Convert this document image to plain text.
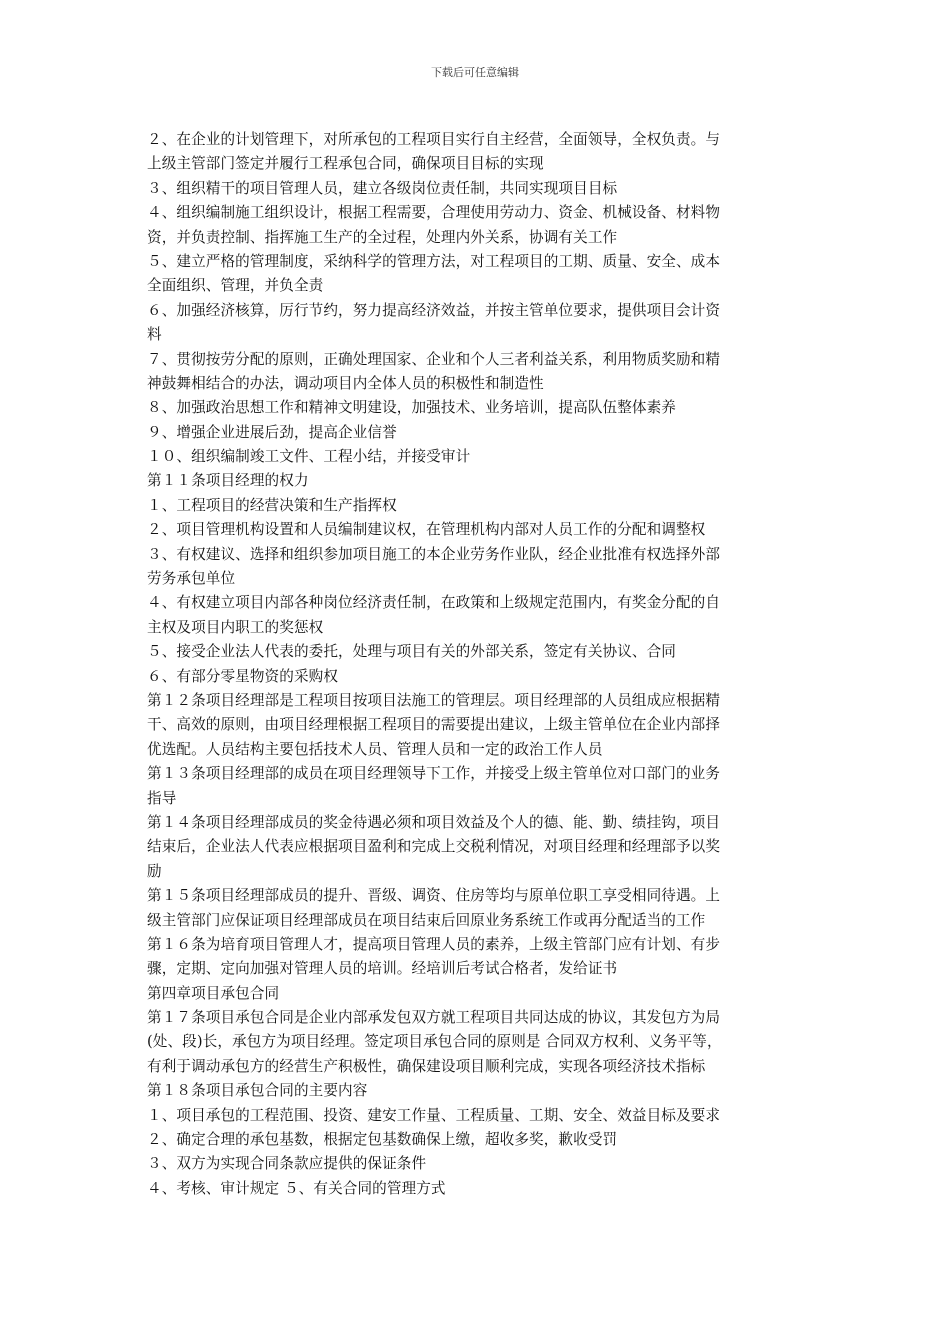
下载后可任意编辑
２、在企业的计划管理下，对所承包的工程项目实行自主经营，全面领导，全权负责。与
上级主管部门签定并履行工程承包合同，确保项目目标的实现
３、组织精干的项目管理人员，建立各级岗位责任制，共同实现项目目标
４、组织编制施工组织设计，根据工程需要，合理使用劳动力、资金、机械设备、材料物
资，并负责控制、指挥施工生产的全过程，处理内外关系，协调有关工作
５、建立严格的管理制度，采纳科学的管理方法，对工程项目的工期、质量、安全、成本
全面组织、管理，并负全责
６、加强经济核算，厉行节约，努力提高经济效益，并按主管单位要求，提供项目会计资
料
７、贯彻按劳分配的原则，正确处理国家、企业和个人三者利益关系，利用物质奖励和精
神鼓舞相结合的办法，调动项目内全体人员的积极性和制造性
８、加强政治思想工作和精神文明建设，加强技术、业务培训，提高队伍整体素养
９、增强企业进展后劲，提高企业信誉
１０、组织编制竣工文件、工程小结，并接受审计
第１１条项目经理的权力
１、工程项目的经营决策和生产指挥权
２、项目管理机构设置和人员编制建议权，在管理机构内部对人员工作的分配和调整权
３、有权建议、选择和组织参加项目施工的本企业劳务作业队，经企业批准有权选择外部
劳务承包单位
４、有权建立项目内部各种岗位经济责任制，在政策和上级规定范围内，有奖金分配的自
主权及项目内职工的奖惩权
５、接受企业法人代表的委托，处理与项目有关的外部关系，签定有关协议、合同
６、有部分零星物资的采购权
第１２条项目经理部是工程项目按项目法施工的管理层。项目经理部的人员组成应根据精
干、高效的原则，由项目经理根据工程项目的需要提出建议，上级主管单位在企业内部择
优选配。人员结构主要包括技术人员、管理人员和一定的政治工作人员
第１３条项目经理部的成员在项目经理领导下工作，并接受上级主管单位对口部门的业务
指导
第１４条项目经理部成员的奖金待遇必须和项目效益及个人的德、能、勤、绩挂钩，项目
结束后，企业法人代表应根据项目盈利和完成上交税利情况，对项目经理和经理部予以奖
励
第１５条项目经理部成员的提升、晋级、调资、住房等均与原单位职工享受相同待遇。上
级主管部门应保证项目经理部成员在项目结束后回原业务系统工作或再分配适当的工作
第１６条为培育项目管理人才，提高项目管理人员的素养，上级主管部门应有计划、有步
骤，定期、定向加强对管理人员的培训。经培训后考试合格者，发给证书
第四章项目承包合同
第１７条项目承包合同是企业内部承发包双方就工程项目共同达成的协议，其发包方为局
(处、段)长，承包方为项目经理。签定项目承包合同的原则是 合同双方权利、义务平等，
有利于调动承包方的经营生产积极性，确保建设项目顺利完成，实现各项经济技术指标
第１８条项目承包合同的主要内容
１、项目承包的工程范围、投资、建安工作量、工程质量、工期、安全、效益目标及要求
２、确定合理的承包基数，根据定包基数确保上缴，超收多奖，歉收受罚
３、双方为实现合同条款应提供的保证条件
４、考核、审计规定 ５、有关合同的管理方式
